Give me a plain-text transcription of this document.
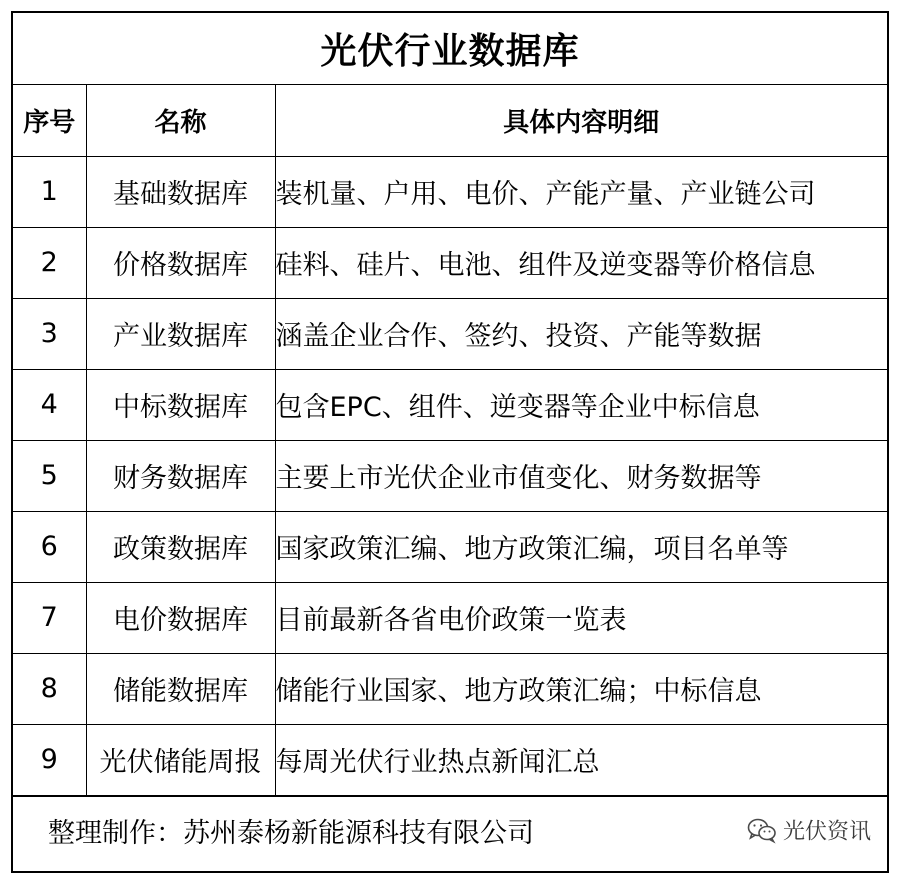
光伏行业数据库
序号	名称	具体内容明细
1	基础数据库	装机量、户用、电价、产能产量、产业链公司
2	价格数据库	硅料、硅片、电池、组件及逆变器等价格信息
3	产业数据库	涵盖企业合作、签约、投资、产能等数据
4	中标数据库	包含EPC、组件、逆变器等企业中标信息
5	财务数据库	主要上市光伏企业市值变化、财务数据等
6	政策数据库	国家政策汇编、地方政策汇编，项目名单等
7	电价数据库	目前最新各省电价政策一览表
8	储能数据库	储能行业国家、地方政策汇编；中标信息
9	光伏储能周报	每周光伏行业热点新闻汇总
整理制作：苏州泰杨新能源科技有限公司	光伏资讯
